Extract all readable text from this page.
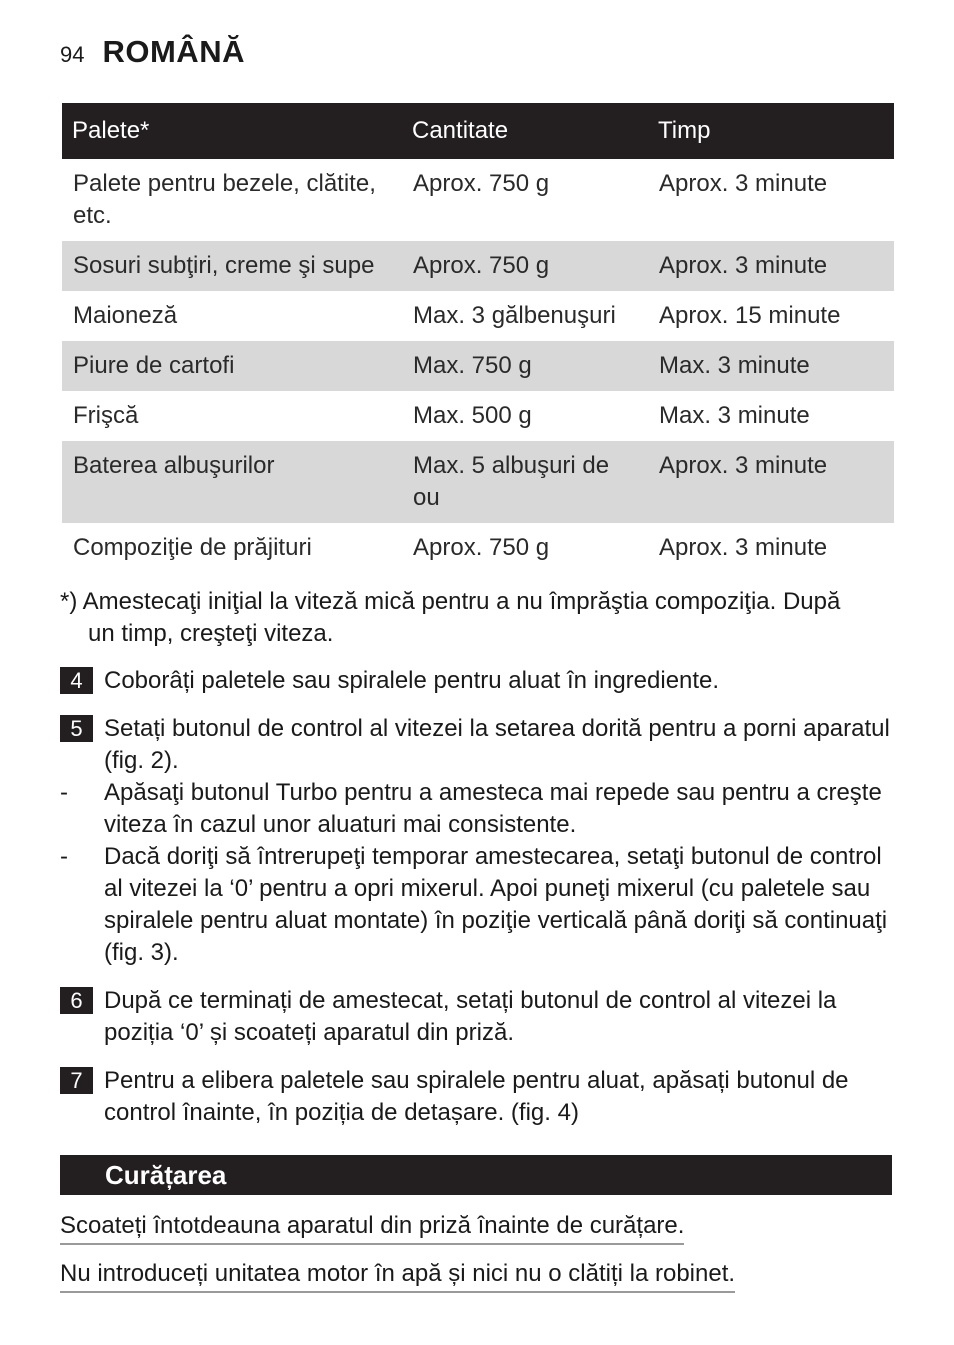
94 ROMÂNĂ
Palete*	Cantitate	Timp
Palete pentru bezele, clătite, etc.	Aprox. 750 g	Aprox. 3 minute
Sosuri subţiri, creme şi supe	Aprox. 750 g	Aprox. 3 minute
Maioneză	Max. 3 gălbenuşuri	Aprox. 15 minute
Piure de cartofi	Max. 750 g	Max. 3 minute
Frişcă	Max. 500 g	Max. 3 minute
Baterea albuşurilor	Max. 5 albuşuri de ou	Aprox. 3 minute
Compoziţie de prăjituri	Aprox. 750 g	Aprox. 3 minute
*) Amestecaţi iniţial la viteză mică pentru a nu împrăştia compoziţia. După
un timp, creşteţi viteza.
4 Coborâți paletele sau spiralele pentru aluat în ingrediente.
5 Setați butonul de control al vitezei la setarea dorită pentru a porni aparatul (fig. 2).
-	Apăsaţi butonul Turbo pentru a amesteca mai repede sau pentru a creşte viteza în cazul unor aluaturi mai consistente.
-	Dacă doriţi să întrerupeţi temporar amestecarea, setaţi butonul de control al vitezei la ‘0’ pentru a opri mixerul. Apoi puneţi mixerul (cu paletele sau spiralele pentru aluat montate) în poziţie verticală până doriţi să continuaţi (fig. 3).
6 După ce terminați de amestecat, setați butonul de control al vitezei la poziția ‘0’ și scoateți aparatul din priză.
7 Pentru a elibera paletele sau spiralele pentru aluat, apăsați butonul de control înainte, în poziția de detașare. (fig. 4)
Curățarea
Scoateți întotdeauna aparatul din priză înainte de curățare.
Nu introduceți unitatea motor în apă și nici nu o clătiți la robinet.
